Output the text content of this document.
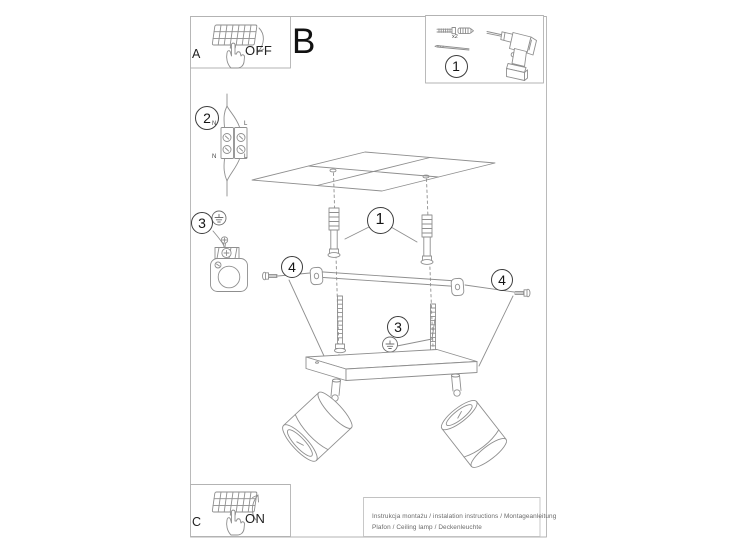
A	OFF B	x2
1
2
3	1
4
4
3
N	L
N	L
C	ON	Instrukcja montażu / instalation instructions / Montageanleitung
Plafon / Ceiling lamp / Deckenleuchte
